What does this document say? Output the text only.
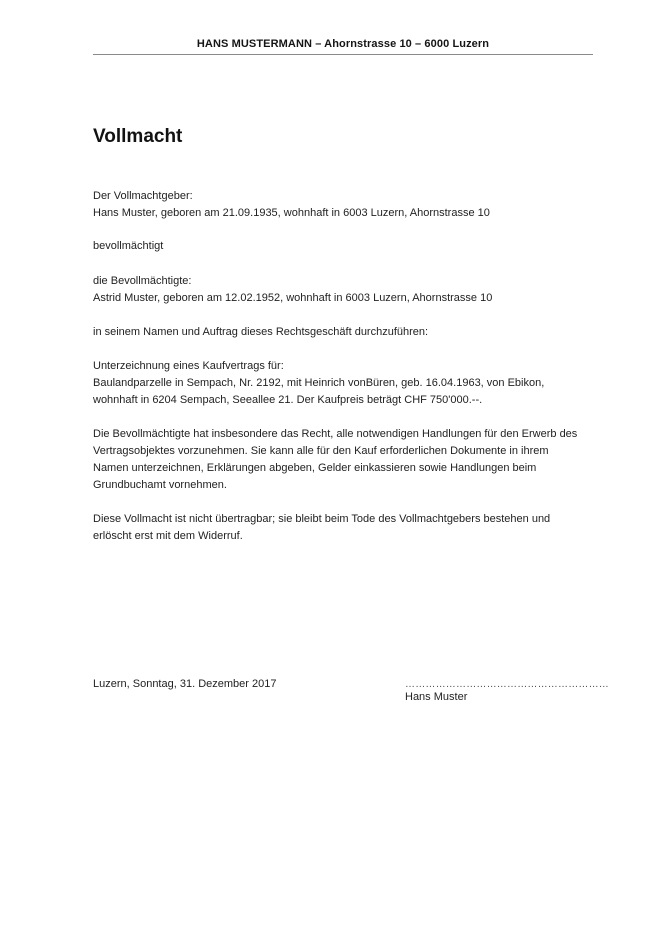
HANS MUSTERMANN – Ahornstrasse 10 – 6000 Luzern
Vollmacht
Der Vollmachtgeber:
Hans Muster, geboren am 21.09.1935, wohnhaft in 6003 Luzern, Ahornstrasse 10
bevollmächtigt
die Bevollmächtigte:
Astrid Muster, geboren am 12.02.1952, wohnhaft in 6003 Luzern, Ahornstrasse 10
in seinem Namen und Auftrag dieses Rechtsgeschäft durchzuführen:
Unterzeichnung eines Kaufvertrags für:
Baulandparzelle in Sempach, Nr. 2192, mit Heinrich vonBüren, geb. 16.04.1963, von Ebikon,
wohnhaft in 6204 Sempach, Seeallee 21. Der Kaufpreis beträgt CHF 750'000.--.
Die Bevollmächtigte hat insbesondere das Recht, alle notwendigen Handlungen für den Erwerb des
Vertragsobjektes vorzunehmen. Sie kann alle für den Kauf erforderlichen Dokumente in ihrem
Namen unterzeichnen, Erklärungen abgeben, Gelder einkassieren sowie Handlungen beim
Grundbuchamt vornehmen.
Diese Vollmacht ist nicht übertragbar; sie bleibt beim Tode des Vollmachtgebers bestehen und
erlöscht erst mit dem Widerruf.
Luzern, Sonntag, 31. Dezember 2017	……………………………………………………
Hans Muster
